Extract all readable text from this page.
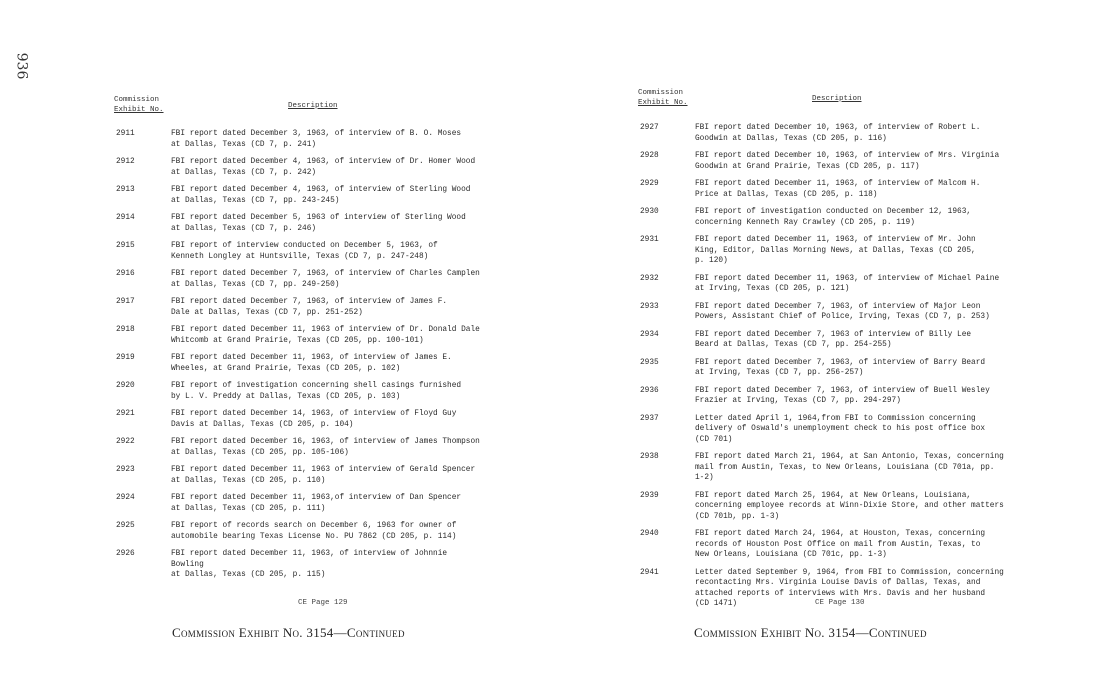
936
Commission
Exhibit No.	Description
2911	FBI report dated December 3, 1963, of interview of B. O. Moses
at Dallas, Texas (CD 7, p. 241)
2912	FBI report dated December 4, 1963, of interview of Dr. Homer Wood
at Dallas, Texas (CD 7, p. 242)
2913	FBI report dated December 4, 1963, of interview of Sterling Wood
at Dallas, Texas (CD 7, pp. 243-245)
2914	FBI report dated December 5, 1963 of interview of Sterling Wood
at Dallas, Texas (CD 7, p. 246)
2915	FBI report of interview conducted on December 5, 1963, of
Kenneth Longley at Huntsville, Texas (CD 7, p. 247-248)
2916	FBI report dated December 7, 1963, of interview of Charles Camplen
at Dallas, Texas (CD 7, pp. 249-250)
2917	FBI report dated December 7, 1963, of interview of James F.
Dale at Dallas, Texas (CD 7, pp. 251-252)
2918	FBI report dated December 11, 1963 of interview of Dr. Donald Dale
Whitcomb at Grand Prairie, Texas (CD 205, pp. 100-101)
2919	FBI report dated December 11, 1963, of interview of James E.
Wheeles, at Grand Prairie, Texas (CD 205, p. 102)
2920	FBI report of investigation concerning shell casings furnished
by L. V. Preddy at Dallas, Texas (CD 205, p. 103)
2921	FBI report dated December 14, 1963, of interview of Floyd Guy
Davis at Dallas, Texas (CD 205, p. 104)
2922	FBI report dated December 16, 1963, of interview of James Thompson
at Dallas, Texas (CD 205, pp. 105-106)
2923	FBI report dated December 11, 1963 of interview of Gerald Spencer
at Dallas, Texas (CD 205, p. 110)
2924	FBI report dated December 11, 1963,of interview of Dan Spencer
at Dallas, Texas (CD 205, p. 111)
2925	FBI report of records search on December 6, 1963 for owner of
automobile bearing Texas License No. PU 7862 (CD 205, p. 114)
2926	FBI report dated December 11, 1963, of interview of Johnnie Bowling
at Dallas, Texas (CD 205, p. 115)
CE Page 129
Commission Exhibit No. 3154—Continued
Commission
Exhibit No.	Description
2927	FBI report dated December 10, 1963, of interview of Robert L.
Goodwin at Dallas, Texas (CD 205, p. 116)
2928	FBI report dated December 10, 1963, of interview of Mrs. Virginia
Goodwin at Grand Prairie, Texas (CD 205, p. 117)
2929	FBI report dated December 11, 1963, of interview of Malcom H.
Price at Dallas, Texas (CD 205, p. 118)
2930	FBI report of investigation conducted on December 12, 1963,
concerning Kenneth Ray Crawley (CD 205, p. 119)
2931	FBI report dated December 11, 1963, of interview of Mr. John
King, Editor, Dallas Morning News, at Dallas, Texas (CD 205,
p. 120)
2932	FBI report dated December 11, 1963, of interview of Michael Paine
at Irving, Texas (CD 205, p. 121)
2933	FBI report dated December 7, 1963, of interview of Major Leon
Powers, Assistant Chief of Police, Irving, Texas (CD 7, p. 253)
2934	FBI report dated December 7, 1963 of interview of Billy Lee
Beard at Dallas, Texas (CD 7, pp. 254-255)
2935	FBI report dated December 7, 1963, of interview of Barry Beard
at Irving, Texas (CD 7, pp. 256-257)
2936	FBI report dated December 7, 1963, of interview of Buell Wesley
Frazier at Irving, Texas (CD 7, pp. 294-297)
2937	Letter dated April 1, 1964,from FBI to Commission concerning
delivery of Oswald's unemployment check to his post office box
(CD 701)
2938	FBI report dated March 21, 1964, at San Antonio, Texas, concerning
mail from Austin, Texas, to New Orleans, Louisiana (CD 701a, pp. 1-2)
2939	FBI report dated March 25, 1964, at New Orleans, Louisiana,
concerning employee records at Winn-Dixie Store, and other matters
(CD 701b, pp. 1-3)
2940	FBI report dated March 24, 1964, at Houston, Texas, concerning
records of Houston Post Office on mail from Austin, Texas, to
New Orleans, Louisiana (CD 701c, pp. 1-3)
2941	Letter dated September 9, 1964, from FBI to Commission, concerning
recontacting Mrs. Virginia Louise Davis of Dallas, Texas, and
attached reports of interviews with Mrs. Davis and her husband
(CD 1471)	CE Page 130
Commission Exhibit No. 3154—Continued
